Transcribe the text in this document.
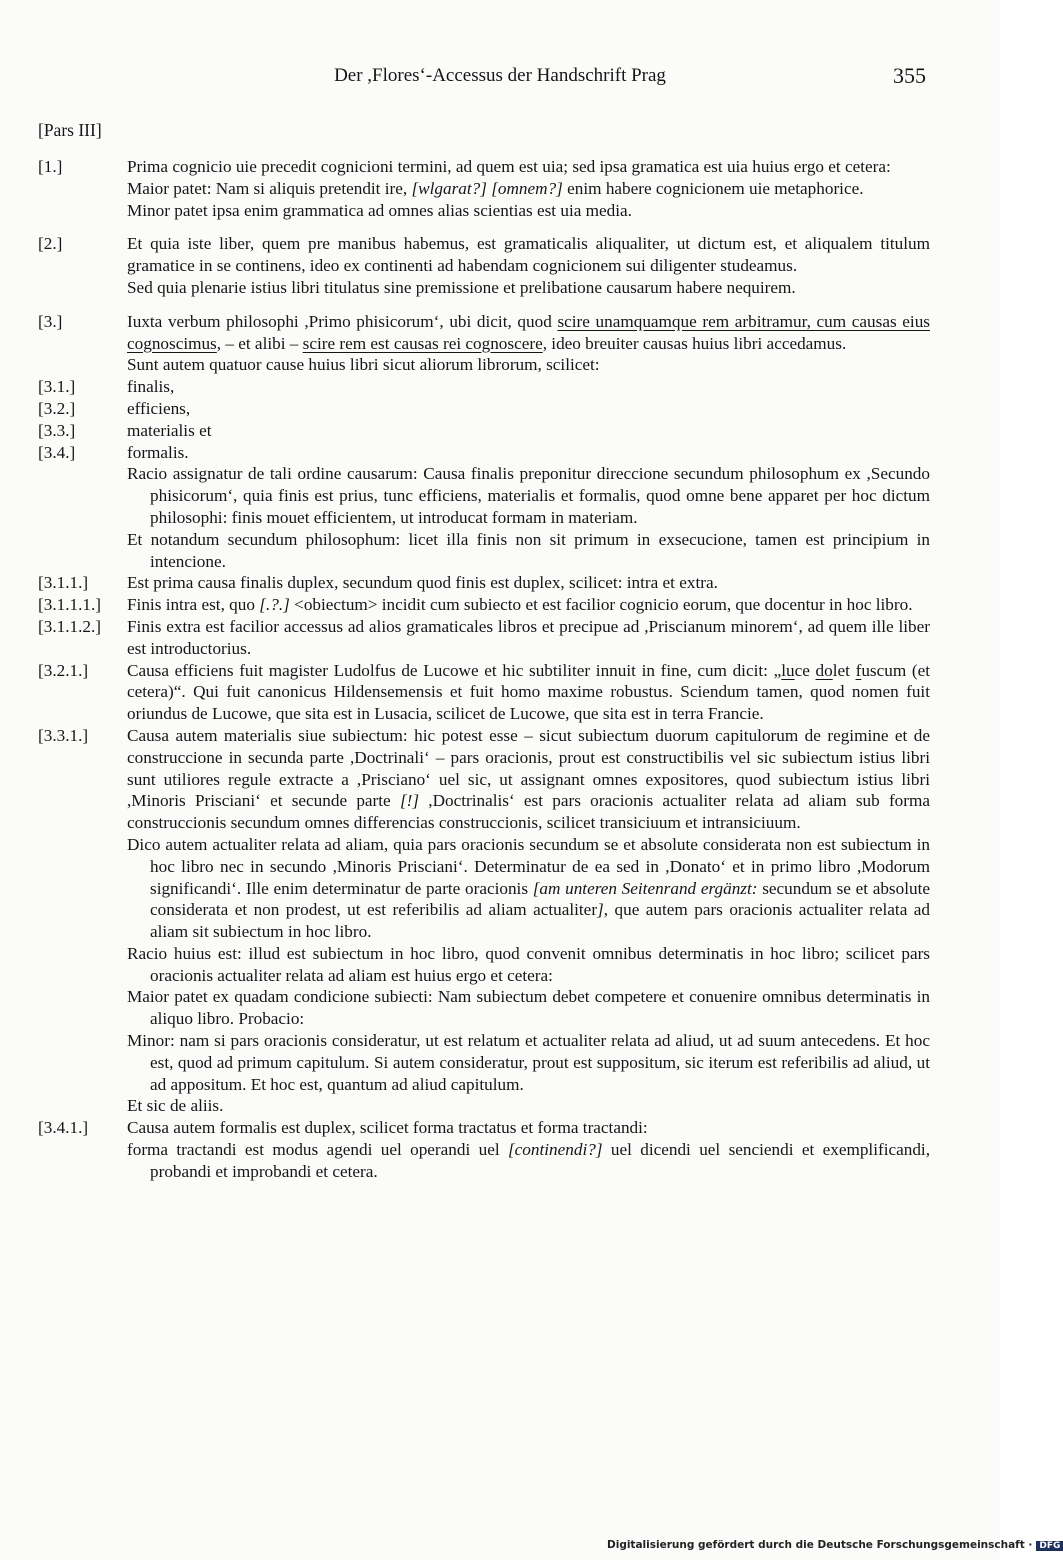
Der ,Flores‘-Accessus der Handschrift Prag	355
[Pars III]
[1.]	Prima cognicio uie precedit cognicioni termini, ad quem est uia; sed ipsa gramatica est uia huius ergo et cetera:
Maior patet: Nam si aliquis pretendit ire, [wlgarat?] [omnem?] enim habere cognicionem uie metaphorice.
Minor patet ipsa enim grammatica ad omnes alias scientias est uia media.
[2.]	Et quia iste liber, quem pre manibus habemus, est gramaticalis aliqualiter, ut dictum est, et aliqualem titulum gramatice in se continens, ideo ex continenti ad habendam cognicionem sui diligenter studeamus.
Sed quia plenarie istius libri titulatus sine premissione et prelibatione causarum habere nequirem.
[3.]	Iuxta verbum philosophi ,Primo phisicorum‘, ubi dicit, quod scire unamquamque rem arbitramur, cum causas eius cognoscimus, – et alibi – scire rem est causas rei cognoscere, ideo breuiter causas huius libri accedamus.
Sunt autem quatuor cause huius libri sicut aliorum librorum, scilicet:
[3.1.]	finalis,
[3.2.]	efficiens,
[3.3.]	materialis et
[3.4.]	formalis.
Racio assignatur de tali ordine causarum: Causa finalis preponitur direccione secundum philosophum ex ,Secundo phisicorum‘, quia finis est prius, tunc efficiens, materialis et formalis, quod omne bene apparet per hoc dictum philosophi: finis mouet efficientem, ut introducat formam in materiam.
Et notandum secundum philosophum: licet illa finis non sit primum in exsecucione, tamen est principium in intencione.
[3.1.1.]	Est prima causa finalis duplex, secundum quod finis est duplex, scilicet: intra et extra.
[3.1.1.1.]	Finis intra est, quo [.?.] <obiectum> incidit cum subiecto et est facilior cognicio eorum, que docentur in hoc libro.
[3.1.1.2.]	Finis extra est facilior accessus ad alios gramaticales libros et precipue ad ,Priscianum minorem‘, ad quem ille liber est introductorius.
[3.2.1.]	Causa efficiens fuit magister Ludolfus de Lucowe et hic subtiliter innuit in fine, cum dicit: „luce dolet fuscum (et cetera)“. Qui fuit canonicus Hildensemensis et fuit homo maxime robustus. Sciendum tamen, quod nomen fuit oriundus de Lucowe, que sita est in Lusacia, scilicet de Lucowe, que sita est in terra Francie.
[3.3.1.]	Causa autem materialis siue subiectum: hic potest esse – sicut subiectum duorum capitulorum de regimine et de construccione in secunda parte ,Doctrinali‘ – pars oracionis, prout est constructibilis vel sic subiectum istius libri sunt utiliores regule extracte a ,Prisciano‘ uel sic, ut assignant omnes expositores, quod subiectum istius libri ,Minoris Prisciani‘ et secunde parte [!] ,Doctrinalis‘ est pars oracionis actualiter relata ad aliam sub forma construccionis secundum omnes differencias construccionis, scilicet transiciuum et intransiciuum.
Dico autem actualiter relata ad aliam, quia pars oracionis secundum se et absolute considerata non est subiectum in hoc libro nec in secundo ,Minoris Prisciani‘. Determinatur de ea sed in ,Donato‘ et in primo libro ,Modorum significandi‘. Ille enim determinatur de parte oracionis [am unteren Seitenrand ergänzt: secundum se et absolute considerata et non prodest, ut est referibilis ad aliam actualiter], que autem pars oracionis actualiter relata ad aliam sit subiectum in hoc libro.
Racio huius est: illud est subiectum in hoc libro, quod convenit omnibus determinatis in hoc libro; scilicet pars oracionis actualiter relata ad aliam est huius ergo et cetera:
Maior patet ex quadam condicione subiecti: Nam subiectum debet competere et conuenire omnibus determinatis in aliquo libro. Probacio:
Minor: nam si pars oracionis consideratur, ut est relatum et actualiter relata ad aliud, ut ad suum antecedens. Et hoc est, quod ad primum capitulum. Si autem consideratur, prout est suppositum, sic iterum est referibilis ad aliud, ut ad appositum. Et hoc est, quantum ad aliud capitulum.
Et sic de aliis.
[3.4.1.]	Causa autem formalis est duplex, scilicet forma tractatus et forma tractandi:
forma tractandi est modus agendi uel operandi uel [continendi?] uel dicendi uel senciendi et exemplificandi, probandi et improbandi et cetera.
Digitalisierung gefördert durch die Deutsche Forschungsgemeinschaft · DFG
